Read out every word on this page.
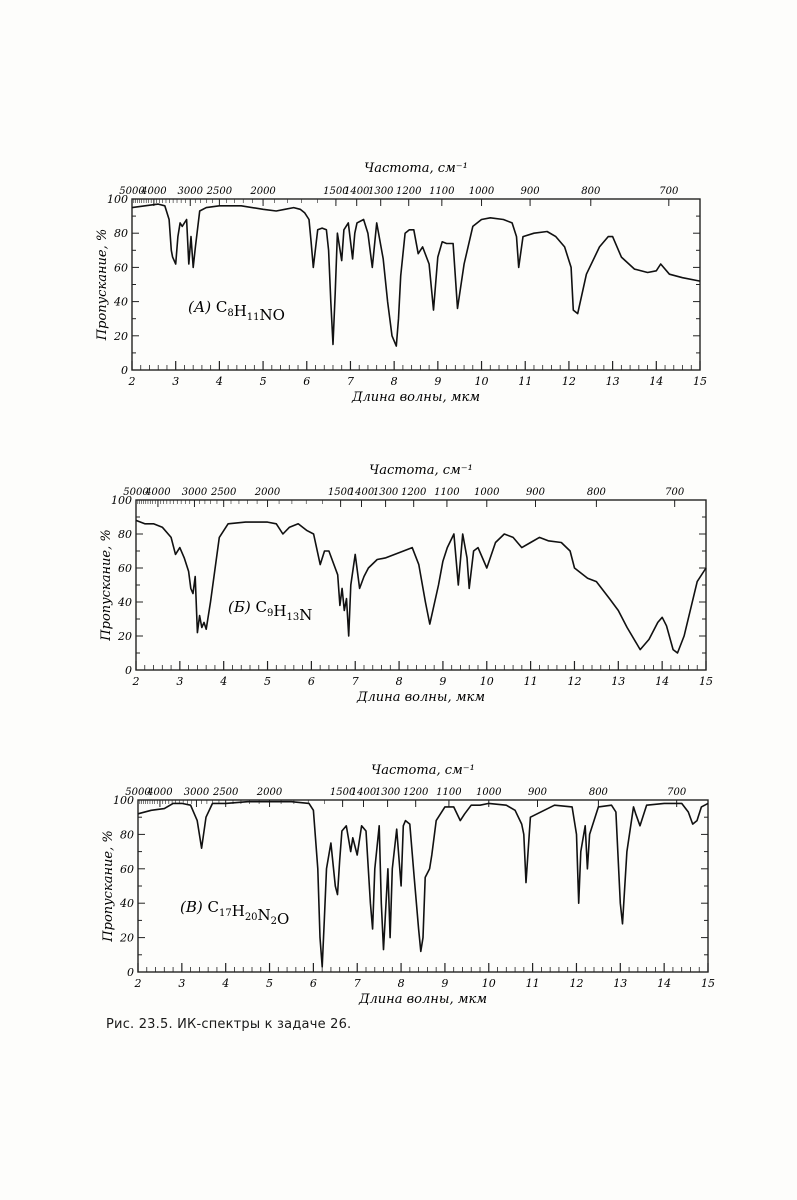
2	3	4	5	6	7	8	9	10	11	12	13	14	15
0
20
40
60
80
100
5000
4000 3000 2500 2000	1500
1400
1300 1200 1100 1000	900	800	700
Частота, см⁻¹
Длина волны, мкм
Пропускание, %	(А) $C_8H_{11}NO$
2	3	4	5	6	7	8	9	10	11	12	13	14	15
0
20
40
60
80
100
5000
4000 3000 2500 2000	1500
1400
1300 1200 1100 1000	900	800	700
Частота, см⁻¹
Длина волны, мкм
Пропускание, %	(Б) $C_9H_{13}N$
2	3	4	5	6	7	8	9	10	11	12	13	14	15
0
20
40
60
80
100
5000
4000 3000 2500 2000	1500
1400
1300 1200 1100 1000	900	800	700
Частота, см⁻¹
Длина волны, мкм
Пропускание, %	(В) $C_{17}H_{20}N_2O$
Рис. 23.5. ИК-спектры к задаче 26.
